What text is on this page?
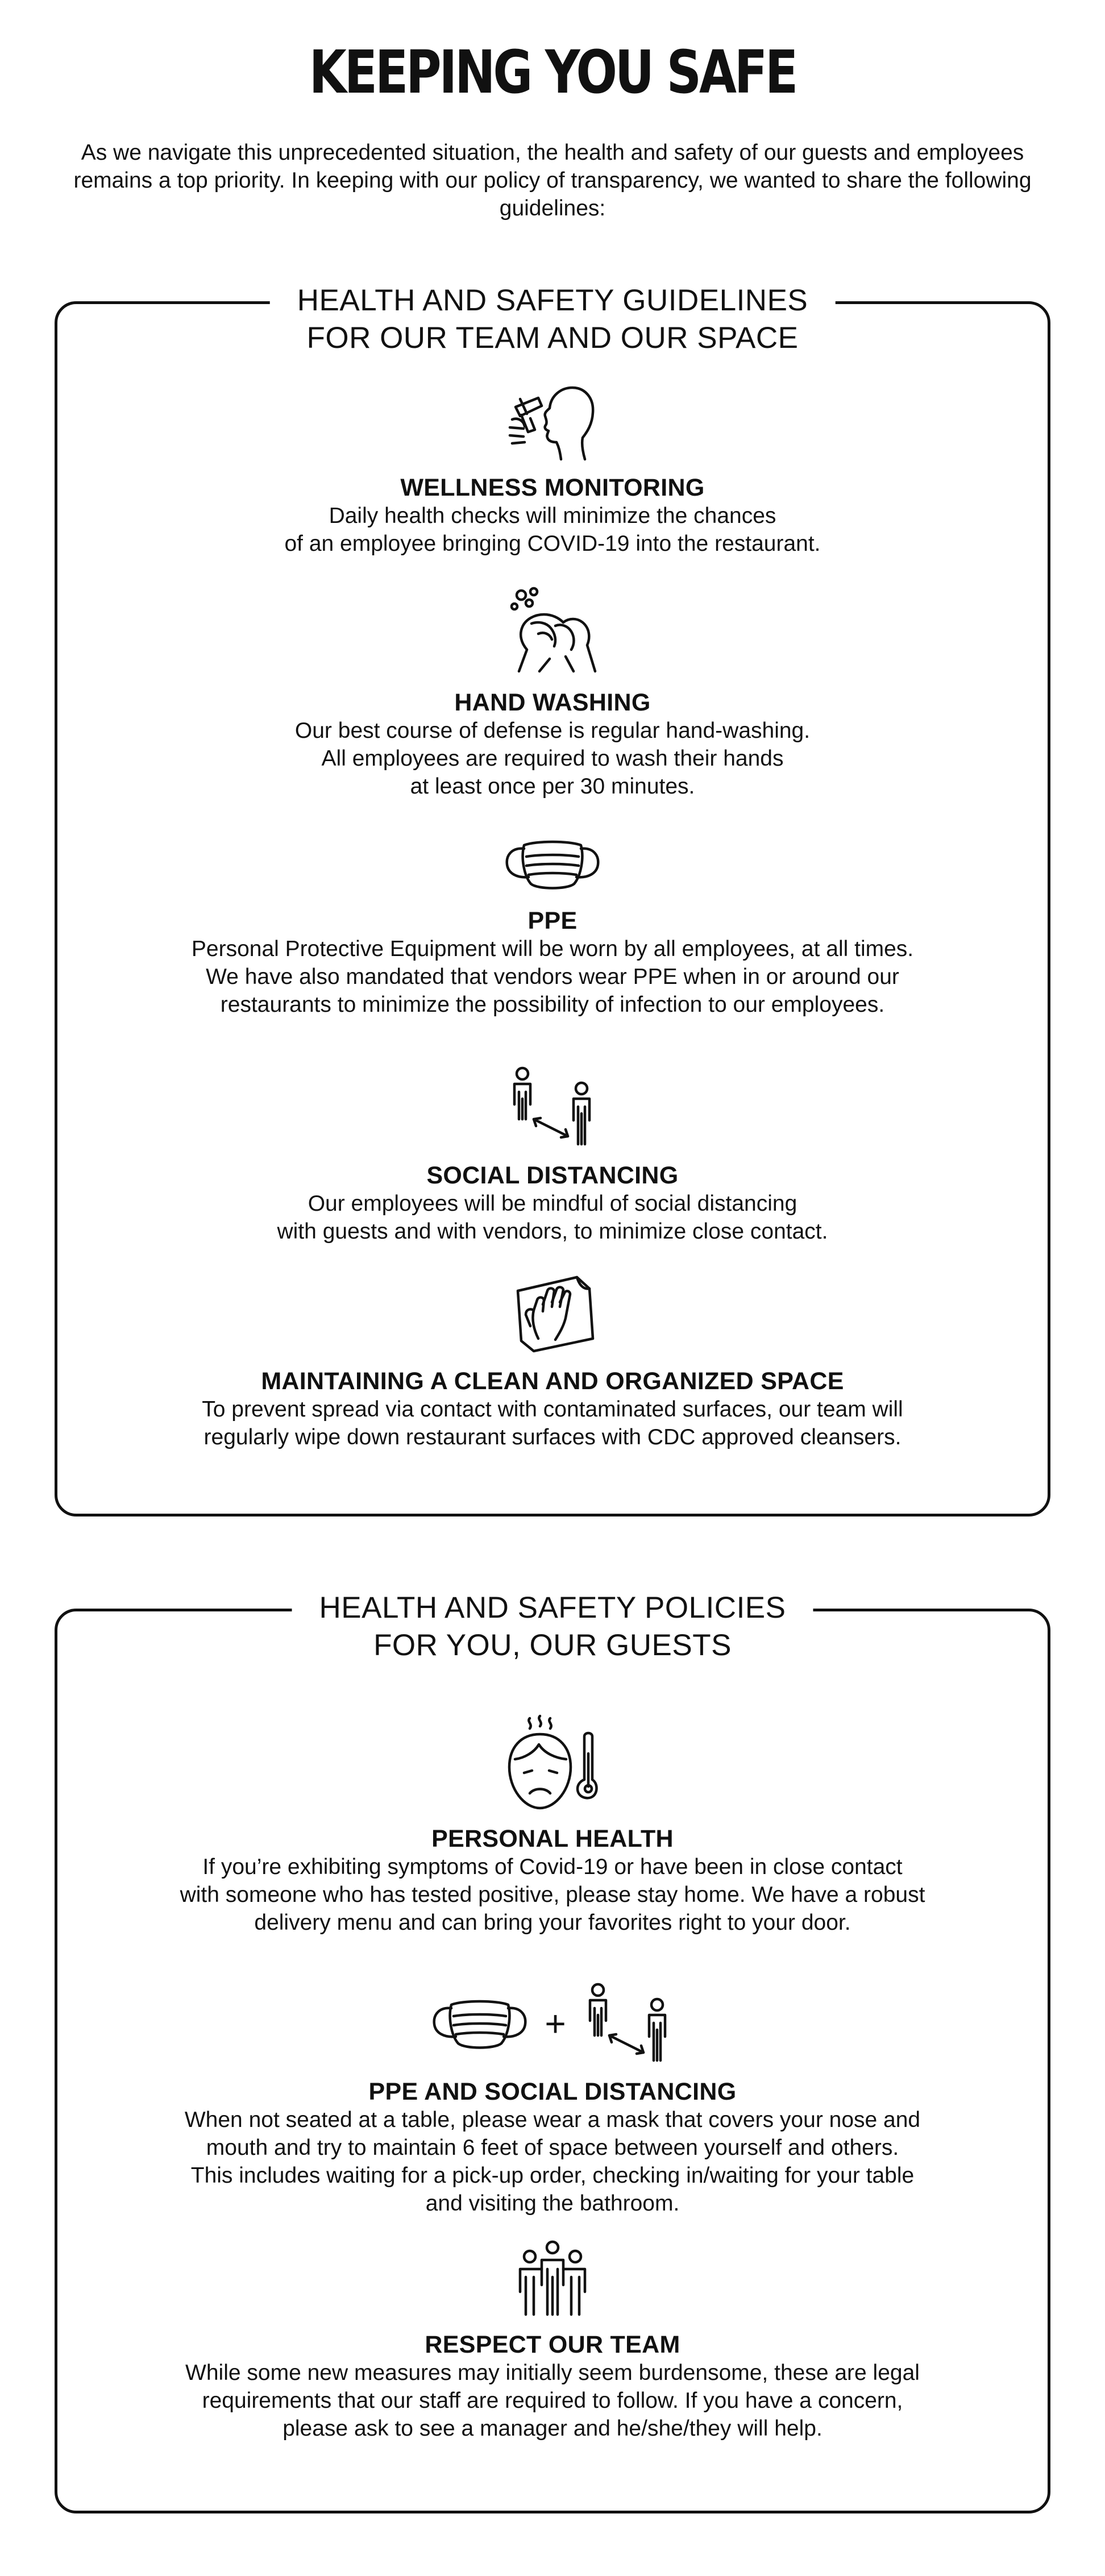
KEEPING YOU SAFE
As we navigate this unprecedented situation, the health and safety of our guests and employees remains a top priority. In keeping with our policy of transparency, we wanted to share the following guidelines:
HEALTH AND SAFETY GUIDELINES
FOR OUR TEAM AND OUR SPACE
WELLNESS MONITORING
Daily health checks will minimize the chances
of an employee bringing COVID-19 into the restaurant.
HAND WASHING
Our best course of defense is regular hand-washing.
All employees are required to wash their hands
at least once per 30 minutes.
PPE
Personal Protective Equipment will be worn by all employees, at all times.
We have also mandated that vendors wear PPE when in or around our
restaurants to minimize the possibility of infection to our employees.
SOCIAL DISTANCING
Our employees will be mindful of social distancing
with guests and with vendors, to minimize close contact.
MAINTAINING A CLEAN AND ORGANIZED SPACE
To prevent spread via contact with contaminated surfaces, our team will
regularly wipe down restaurant surfaces with CDC approved cleansers.
HEALTH AND SAFETY POLICIES
FOR YOU, OUR GUESTS
PERSONAL HEALTH
If you’re exhibiting symptoms of Covid-19 or have been in close contact
with someone who has tested positive, please stay home. We have a robust
delivery menu and can bring your favorites right to your door.
+
PPE AND SOCIAL DISTANCING
When not seated at a table, please wear a mask that covers your nose and
mouth and try to maintain 6 feet of space between yourself and others.
This includes waiting for a pick-up order, checking in/waiting for your table
and visiting the bathroom.
RESPECT OUR TEAM
While some new measures may initially seem burdensome, these are legal
requirements that our staff are required to follow. If you have a concern,
please ask to see a manager and he/she/they will help.
